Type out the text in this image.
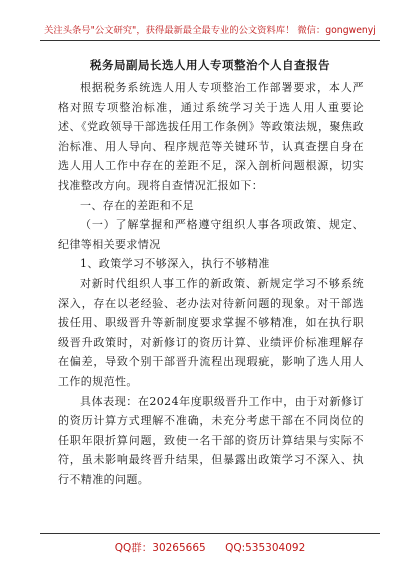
关注头条号"公文研究"，获得最新最全最专业的公文资料库！ 微信：gongwenyj
税务局副局长选人用人专项整治个人自查报告

根据税务系统选人用人专项整治工作部署要求，本人严格对照专项整治标准，通过系统学习关于选人用人重要论述、《党政领导干部选拔任用工作条例》等政策法规，聚焦政治标准、用人导向、程序规范等关键环节，认真查摆自身在选人用人工作中存在的差距不足，深入剖析问题根源，切实找准整改方向。现将自查情况汇报如下：

一、存在的差距和不足

（一）了解掌握和严格遵守组织人事各项政策、规定、纪律等相关要求情况

1、政策学习不够深入，执行不够精准

对新时代组织人事工作的新政策、新规定学习不够系统深入，存在以老经验、老办法对待新问题的现象。对干部选拔任用、职级晋升等新制度要求掌握不够精准，如在执行职级晋升政策时，对新修订的资历计算、业绩评价标准理解存在偏差，导致个别干部晋升流程出现瑕疵，影响了选人用人工作的规范性。

具体表现：在2024年度职级晋升工作中，由于对新修订的资历计算方式理解不准确，未充分考虑干部在不同岗位的任职年限折算问题，致使一名干部的资历计算结果与实际不符，虽未影响最终晋升结果，但暴露出政策学习不深入、执行不精准的问题。

QQ群：30265665 QQ:535304092
